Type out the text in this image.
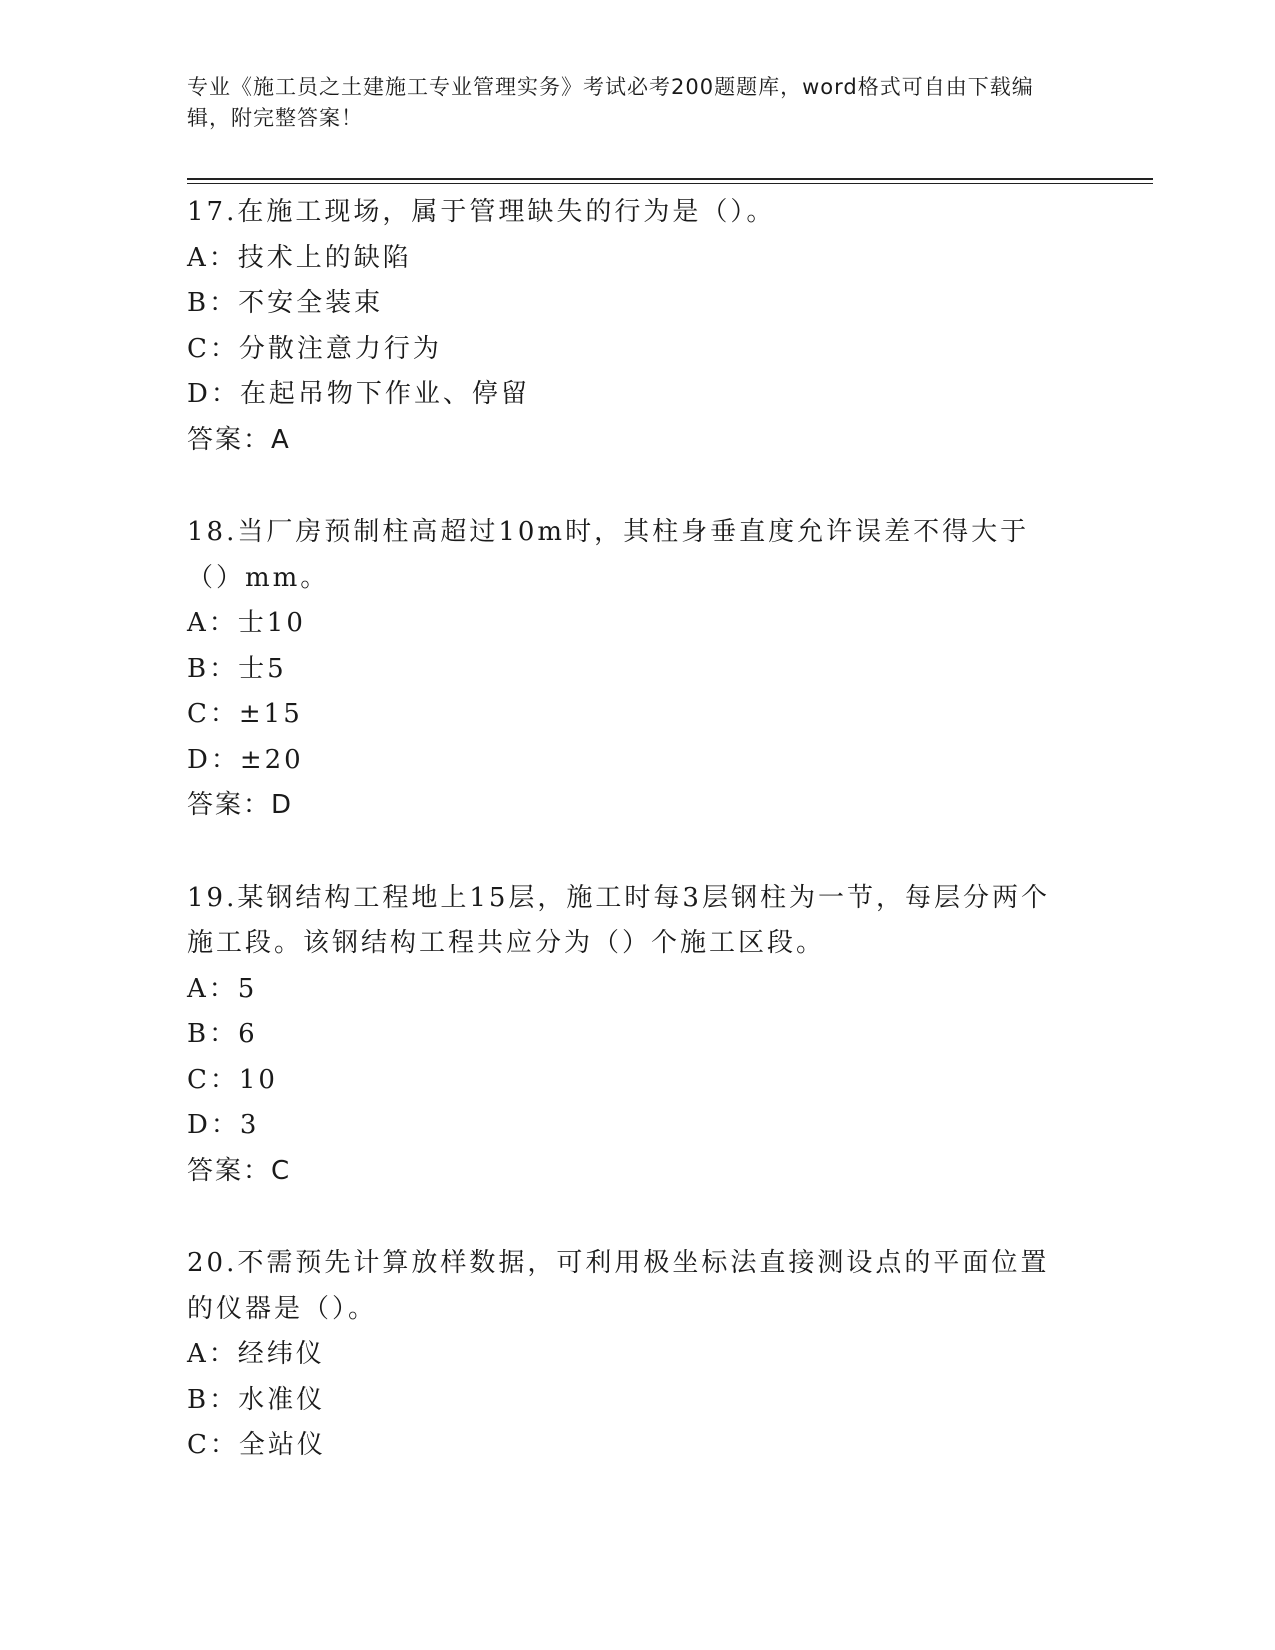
专业《施工员之土建施工专业管理实务》考试必考200题题库，word格式可自由下载编辑，附完整答案！
17.在施工现场，属于管理缺失的行为是（）。
A：技术上的缺陷
B：不安全装束
C：分散注意力行为
D：在起吊物下作业、停留
答案：A
18.当厂房预制柱高超过10m时，其柱身垂直度允许误差不得大于（）mm。
A：士10
B：士5
C：±15
D：±20
答案：D
19.某钢结构工程地上15层，施工时每3层钢柱为一节，每层分两个施工段。该钢结构工程共应分为（）个施工区段。
A：5
B：6
C：10
D：3
答案：C
20.不需预先计算放样数据，可利用极坐标法直接测设点的平面位置的仪器是（）。
A：经纬仪
B：水准仪
C：全站仪
